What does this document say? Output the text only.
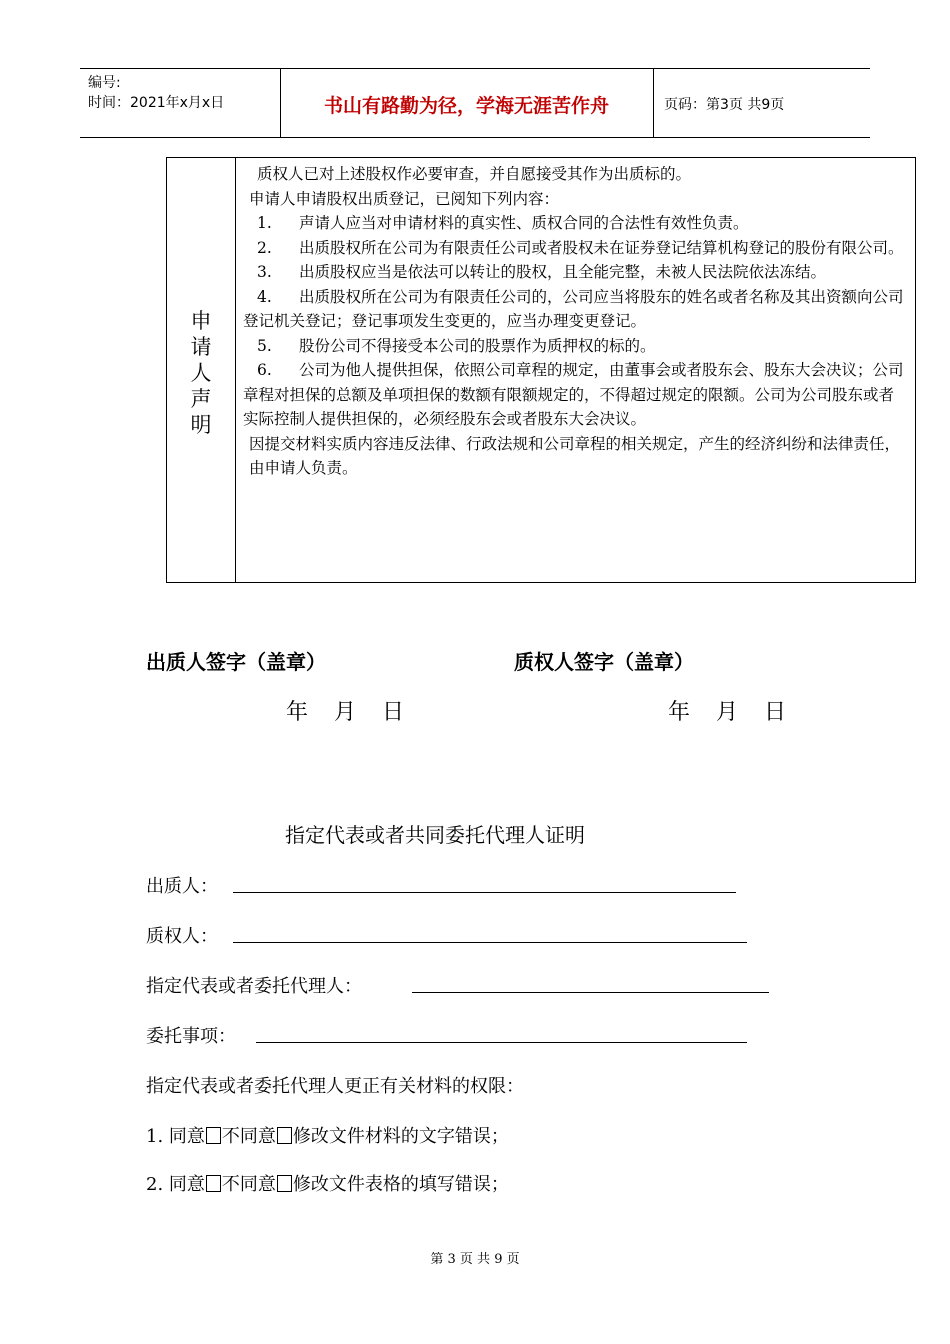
编号:
时间：2021年x月x日	书山有路勤为径，学海无涯苦作舟	页码：第3页 共9页
申请人声明

质权人已对上述股权作必要审查，并自愿接受其作为出质标的。

申请人申请股权出质登记，已阅知下列内容：

1. 声请人应当对申请材料的真实性、质权合同的合法性有效性负责。

2. 出质股权所在公司为有限责任公司或者股权未在证券登记结算机构登记的股份有限公司。

3. 出质股权应当是依法可以转让的股权，且全能完整，未被人民法院依法冻结。

4. 出质股权所在公司为有限责任公司的，公司应当将股东的姓名或者名称及其出资额向公司登记机关登记；登记事项发生变更的，应当办理变更登记。

5. 股份公司不得接受本公司的股票作为质押权的标的。

6. 公司为他人提供担保，依照公司章程的规定，由董事会或者股东会、股东大会决议；公司章程对担保的总额及单项担保的数额有限额规定的，不得超过规定的限额。公司为公司股东或者实际控制人提供担保的，必须经股东会或者股东大会决议。

因提交材料实质内容违反法律、行政法规和公司章程的相关规定，产生的经济纠纷和法律责任，由申请人负责。

出质人签字（盖章）	质权人签字（盖章）
年 月 日	年 月 日
指定代表或者共同委托代理人证明
出质人：
质权人：
指定代表或者委托代理人：
委托事项：
指定代表或者委托代理人更正有关材料的权限：
1. 同意 不同意 修改文件材料的文字错误；
2. 同意 不同意 修改文件表格的填写错误；
第 3 页 共 9 页
